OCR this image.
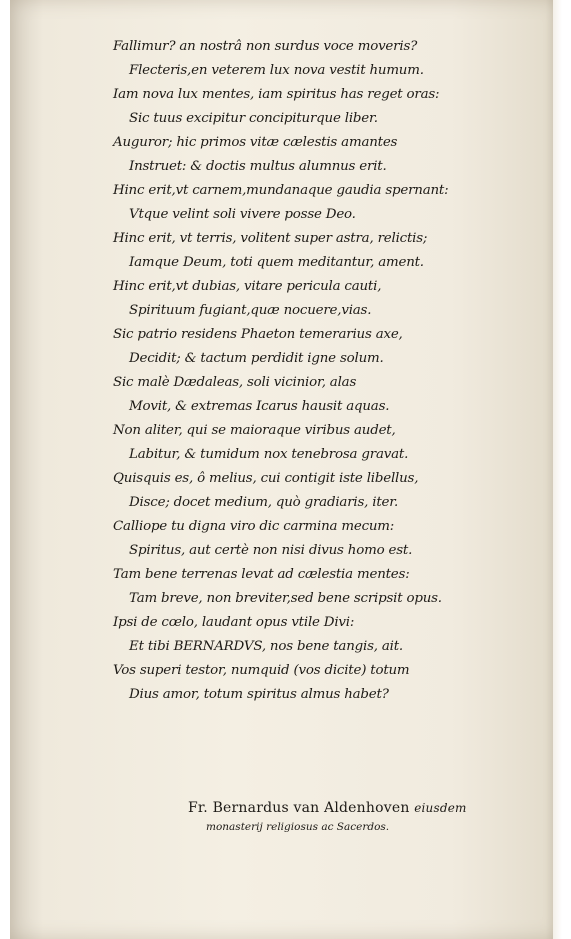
Fallimur? an nostrâ non surdus voce moveris?
Flecteris,en veterem lux nova vestit humum.
Iam nova lux mentes, iam spiritus has reget oras:
Sic tuus excipitur concipiturque liber.
Auguror; hic primos vitæ cælestis amantes
Instruet: & doctis multus alumnus erit.
Hinc erit,vt carnem,mundanaque gaudia spernant:
Vtque velint soli vivere posse Deo.
Hinc erit, vt terris, volitent super astra, relictis;
Iamque Deum, toti quem meditantur, ament.
Hinc erit,vt dubias, vitare pericula cauti,
Spirituum fugiant,quæ nocuere,vias.
Sic patrio residens Phaeton temerarius axe,
Decidit; & tactum perdidit igne solum.
Sic malè Dædaleas, soli vicinior, alas
Movit, & extremas Icarus hausit aquas.
Non aliter, qui se maioraque viribus audet,
Labitur, & tumidum nox tenebrosa gravat.
Quisquis es, ô melius, cui contigit iste libellus,
Disce; docet medium, quò gradiaris, iter.
Calliope tu digna viro dic carmina mecum:
Spiritus, aut certè non nisi divus homo est.
Tam bene terrenas levat ad cælestia mentes:
Tam breve, non breviter,sed bene scripsit opus.
Ipsi de cœlo, laudant opus vtile Divi:
Et tibi BERNARDVS, nos bene tangis, ait.
Vos superi testor, numquid (vos dicite) totum
Dius amor, totum spiritus almus habet?
Fr. Bernardus van Aldenhoven eiusdem
monasterij religiosus ac Sacerdos.
